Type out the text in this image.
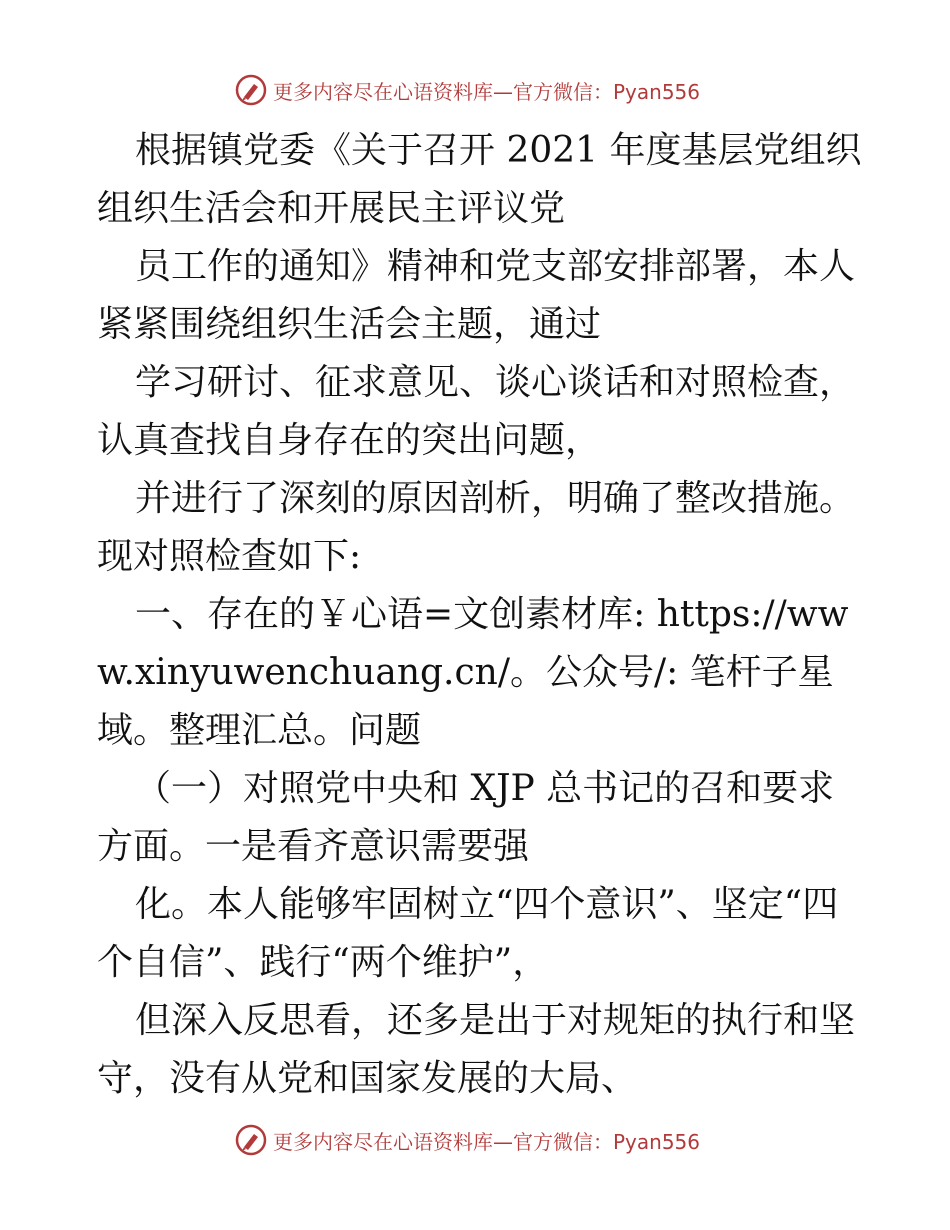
更多内容尽在心语资料库—官方微信：Pyan556

根据镇党委《关于召开 2021 年度基层党组织组织生活会和开展民主评议党

员工作的通知》精神和党支部安排部署，本人紧紧围绕组织生活会主题，通过

学习研讨、征求意见、谈心谈话和对照检查，认真查找自身存在的突出问题，

并进行了深刻的原因剖析，明确了整改措施。现对照检查如下:

一、存在的￥心语=文创素材库: https://www.xinyuwenchuang.cn/。公众号/: 笔杆子星域。整理汇总。问题

（一）对照党中央和 XJP 总书记的召和要求方面。一是看齐意识需要强

化。本人能够牢固树立“四个意识”、坚定“四个自信”、践行“两个维护”，

但深入反思看，还多是出于对规矩的执行和坚守，没有从党和国家发展的大局、

更多内容尽在心语资料库—官方微信：Pyan556
